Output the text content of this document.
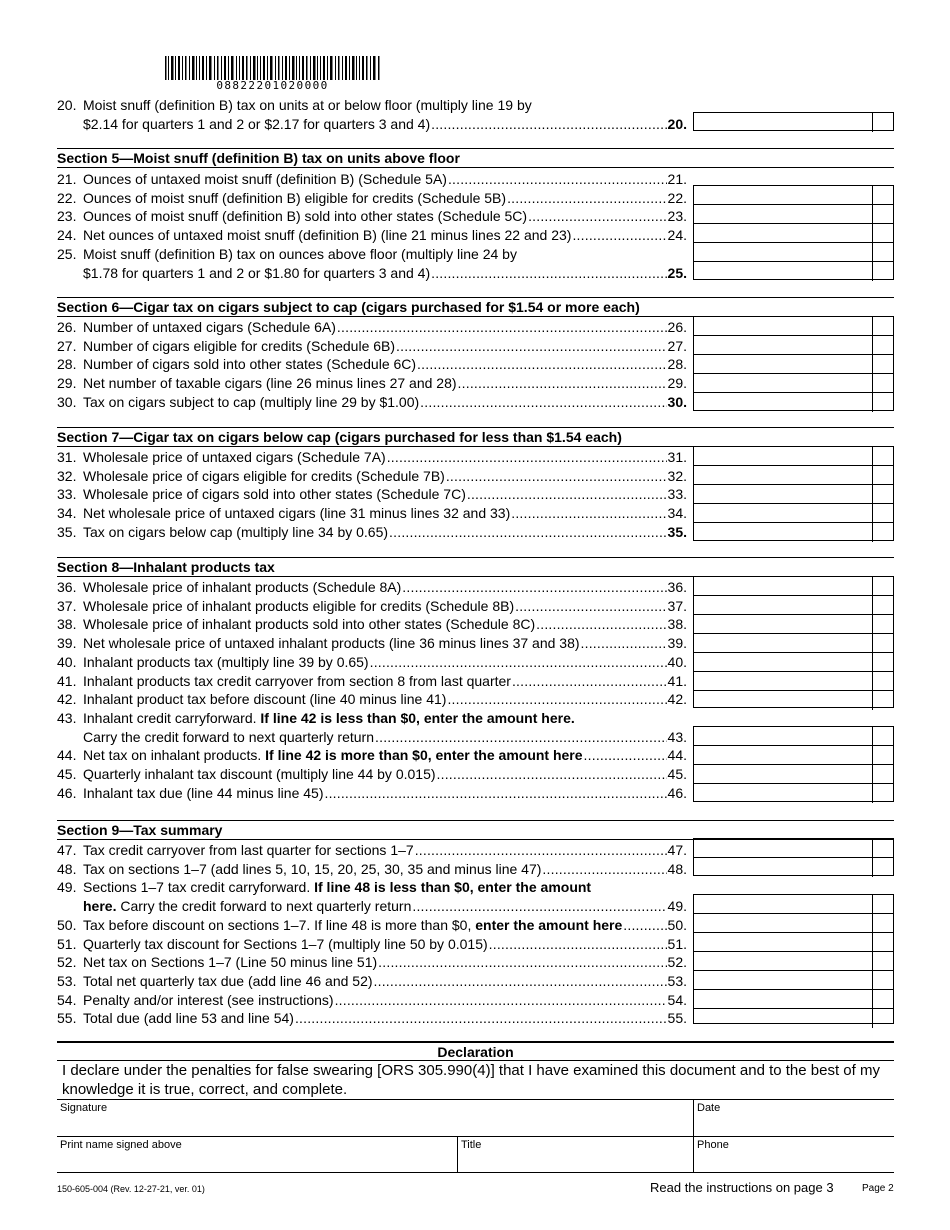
08822201020000
20. Moist snuff (definition B) tax on units at or below floor (multiply line 19 by
$2.14 for quarters 1 and 2 or $2.17 for quarters 3 and 4) .....	20.
Section 5—Moist snuff (definition B) tax on units above floor
Section 6—Cigar tax on cigars subject to cap (cigars purchased for $1.54 or more each)
Section 7—Cigar tax on cigars below cap (cigars purchased for less than $1.54 each)
Section 8—Inhalant products tax
Section 9—Tax summary
21. Ounces of untaxed moist snuff (definition B) (Schedule 5A) .....	21.
22. Ounces of moist snuff (definition B) eligible for credits (Schedule 5B) .....	22.
23. Ounces of moist snuff (definition B) sold into other states (Schedule 5C) .....	23.
24. Net ounces of untaxed moist snuff (definition B) (line 21 minus lines 22 and 23) .....	24.
25. Moist snuff (definition B) tax on ounces above floor (multiply line 24 by
$1.78 for quarters 1 and 2 or $1.80 for quarters 3 and 4) .....	25.
26. Number of untaxed cigars (Schedule 6A) .....	26.
27. Number of cigars eligible for credits (Schedule 6B) .....	27.
28. Number of cigars sold into other states (Schedule 6C) .....	28.
29. Net number of taxable cigars (line 26 minus lines 27 and 28) .....	29.
30. Tax on cigars subject to cap (multiply line 29 by $1.00) .....	30.
31. Wholesale price of untaxed cigars (Schedule 7A) .....	31.
32. Wholesale price of cigars eligible for credits (Schedule 7B) .....	32.
33. Wholesale price of cigars sold into other states (Schedule 7C) .....	33.
34. Net wholesale price of untaxed cigars (line 31 minus lines 32 and 33) .....	34.
35. Tax on cigars below cap (multiply line 34 by 0.65) .....	35.
36. Wholesale price of inhalant products (Schedule 8A) .....	36.
37. Wholesale price of inhalant products eligible for credits (Schedule 8B) .....	37.
38. Wholesale price of inhalant products sold into other states (Schedule 8C) .....	38.
39. Net wholesale price of untaxed inhalant products (line 36 minus lines 37 and 38) .....	39.
40. Inhalant products tax (multiply line 39 by 0.65) .....	40.
41. Inhalant products tax credit carryover from section 8 from last quarter .....	41.
42. Inhalant product tax before discount (line 40 minus line 41) .....	42.
43. Inhalant credit carryforward.
If line 42 is less than $0, enter the amount here.
Carry the credit forward to next quarterly return .....	43.
44. Net tax on inhalant products.
If line 42 is more than $0, enter the amount here .....	44.
45. Quarterly inhalant tax discount (multiply line 44 by 0.015) .....	45.
46. Inhalant tax due (line 44 minus line 45) .....	46.
47. Tax credit carryover from last quarter for sections 1–7 .....	47.
48. Tax on sections 1–7 (add lines 5, 10, 15, 20, 25, 30, 35 and minus line 47) .....	48.
49. Sections 1–7 tax credit carryforward.
If line 48 is less than $0, enter the amount
here.
Carry the credit forward to next quarterly return .....	49.
50. Tax before discount on sections 1–7. If line 48 is more than $0,
enter the amount here .....	50.
51. Quarterly tax discount for Sections 1–7 (multiply line 50 by 0.015) .....	51.
52. Net tax on Sections 1–7 (Line 50 minus line 51) .....	52.
53. Total net quarterly tax due (add line 46 and 52) .....	53.
54. Penalty and/or interest (see instructions) .....	54.
55. Total due (add line 53 and line 54) .....	55.
Declaration
I declare under the penalties for false swearing [ORS 305.990(4)] that I have examined this document and to the best of my knowledge it is true, correct, and complete.
Signature	Date
Print name signed above	Title	Phone
150-605-004 (Rev. 12-27-21, ver. 01)	Read the instructions on page 3	Page 2
